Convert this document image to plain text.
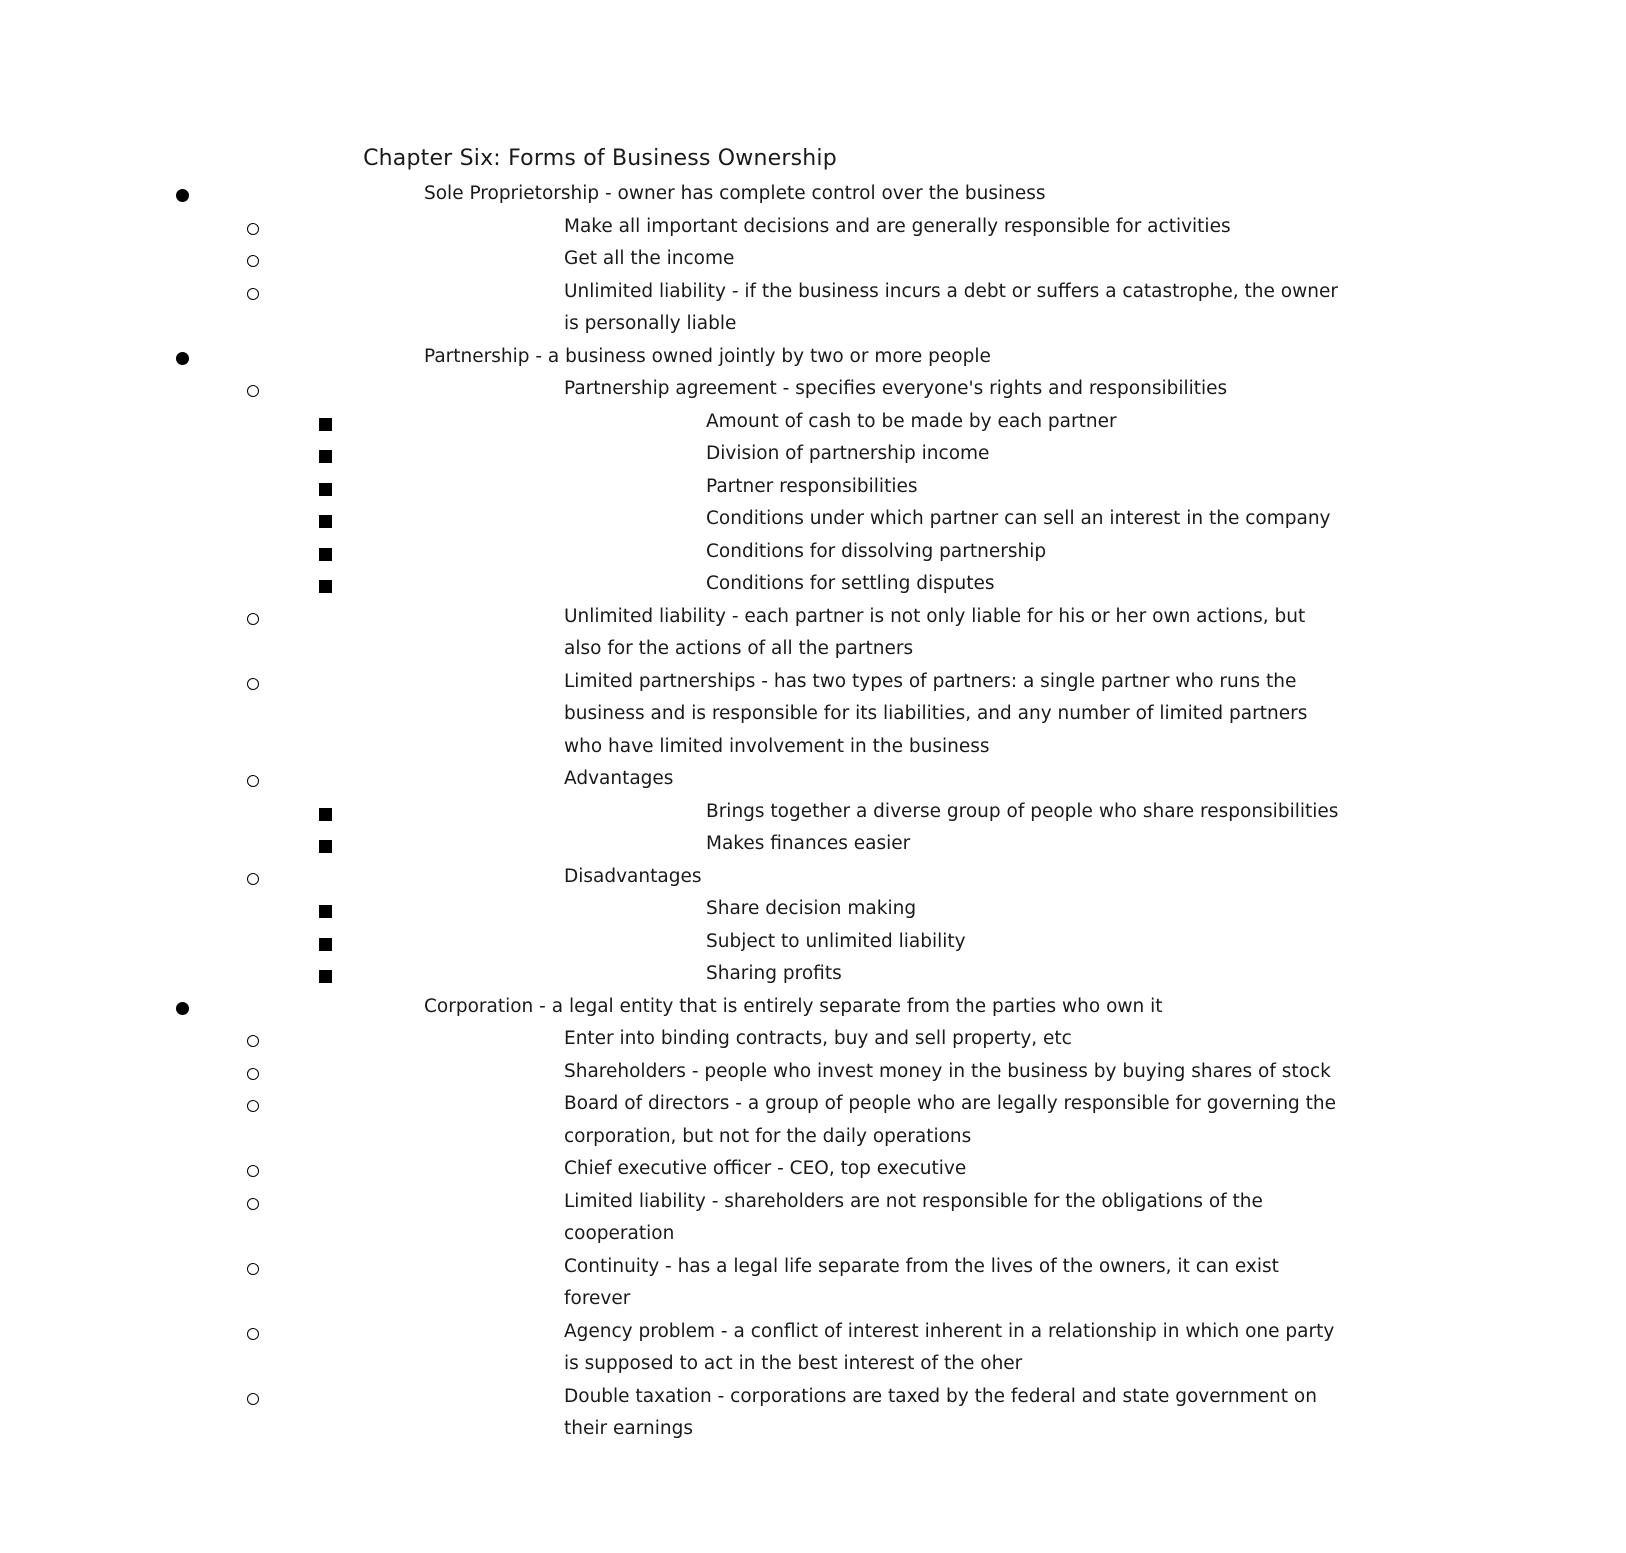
Chapter Six: Forms of Business Ownership
Sole Proprietorship - owner has complete control over the business
Make all important decisions and are generally responsible for activities
Get all the income
Unlimited liability - if the business incurs a debt or suffers a catastrophe, the owner is personally liable
Partnership - a business owned jointly by two or more people
Partnership agreement - specifies everyone's rights and responsibilities
Amount of cash to be made by each partner
Division of partnership income
Partner responsibilities
Conditions under which partner can sell an interest in the company
Conditions for dissolving partnership
Conditions for settling disputes
Unlimited liability - each partner is not only liable for his or her own actions, but also for the actions of all the partners
Limited partnerships - has two types of partners: a single partner who runs the business and is responsible for its liabilities, and any number of limited partners who have limited involvement in the business
Advantages
Brings together a diverse group of people who share responsibilities
Makes finances easier
Disadvantages
Share decision making
Subject to unlimited liability
Sharing profits
Corporation - a legal entity that is entirely separate from the parties who own it
Enter into binding contracts, buy and sell property, etc
Shareholders - people who invest money in the business by buying shares of stock
Board of directors - a group of people who are legally responsible for governing the corporation, but not for the daily operations
Chief executive officer - CEO, top executive
Limited liability - shareholders are not responsible for the obligations of the cooperation
Continuity - has a legal life separate from the lives of the owners, it can exist forever
Agency problem - a conflict of interest inherent in a relationship in which one party is supposed to act in the best interest of the oher
Double taxation - corporations are taxed by the federal and state government on their earnings
